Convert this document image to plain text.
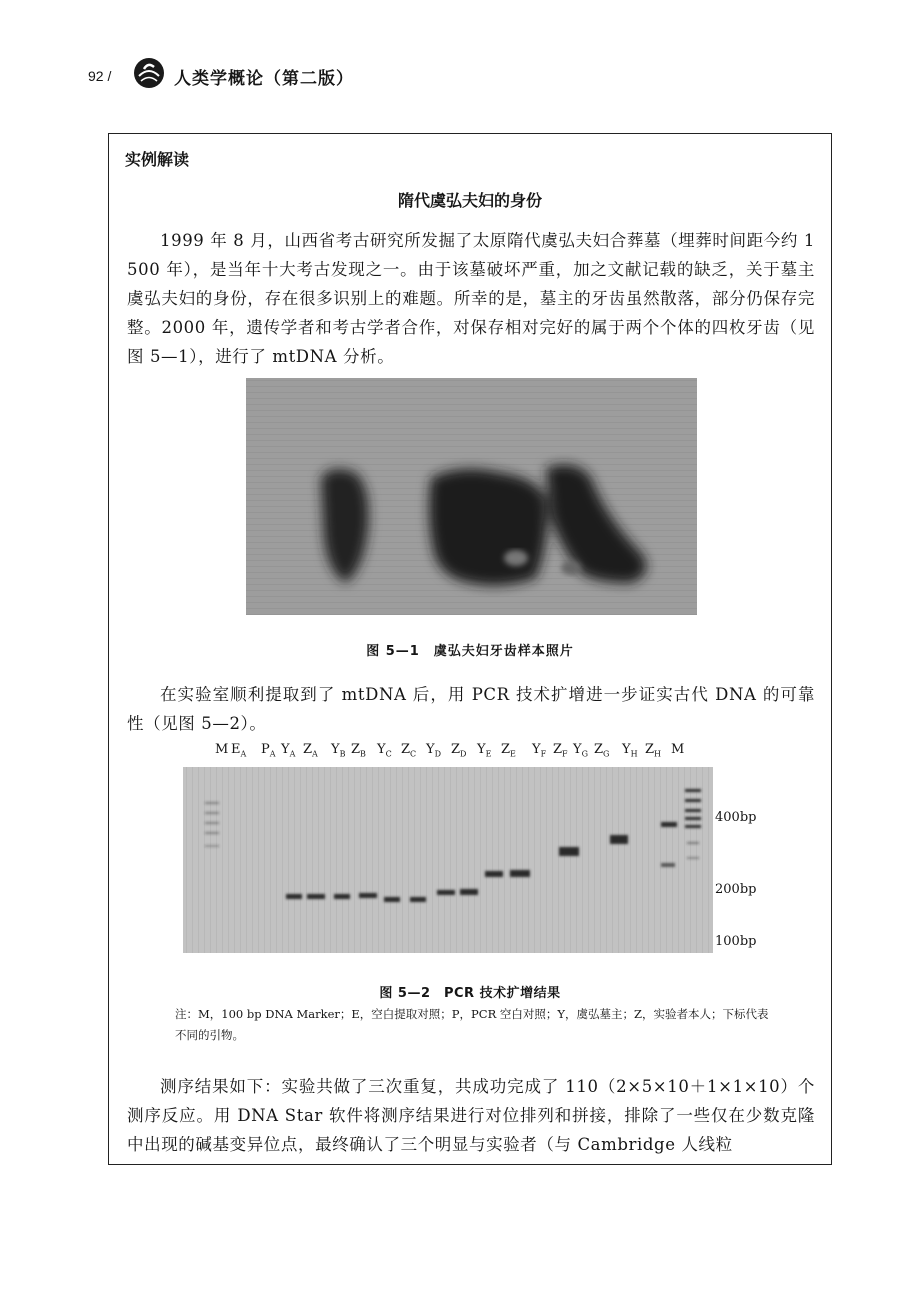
92 /	人类学概论（第二版）
实例解读
隋代虞弘夫妇的身份
1999 年 8 月，山西省考古研究所发掘了太原隋代虞弘夫妇合葬墓（埋葬时间距今约 1 500 年），是当年十大考古发现之一。由于该墓破坏严重，加之文献记载的缺乏，关于墓主虞弘夫妇的身份，存在很多识别上的难题。所幸的是，墓主的牙齿虽然散落，部分仍保存完整。2000 年，遗传学者和考古学者合作，对保存相对完好的属于两个个体的四枚牙齿（见图 5—1），进行了 mtDNA 分析。
图 5—1　虞弘夫妇牙齿样本照片
在实验室顺利提取到了 mtDNA 后，用 PCR 技术扩增进一步证实古代 DNA 的可靠性（见图 5—2）。
M $E_A$ $P_A$ $Y_A$ $Z_A$ $Y_B$ $Z_B$ $Y_C$ $Z_C$ $Y_D$ $Z_D$ $Y_E$ $Z_E$ $Y_F$ $Z_F$ $Y_G$ $Z_G$ $Y_H$ $Z_H$ M
400bp
200bp
100bp
图 5—2　PCR 技术扩增结果
注：M，100 bp DNA Marker；E，空白提取对照；P，PCR 空白对照；Y，虞弘墓主；Z，实验者本人；下标代表不同的引物。
测序结果如下：实验共做了三次重复，共成功完成了 110（2×5×10＋1×1×10）个测序反应。用 DNA Star 软件将测序结果进行对位排列和拼接，排除了一些仅在少数克隆中出现的碱基变异位点，最终确认了三个明显与实验者（与 Cambridge 人线粒
